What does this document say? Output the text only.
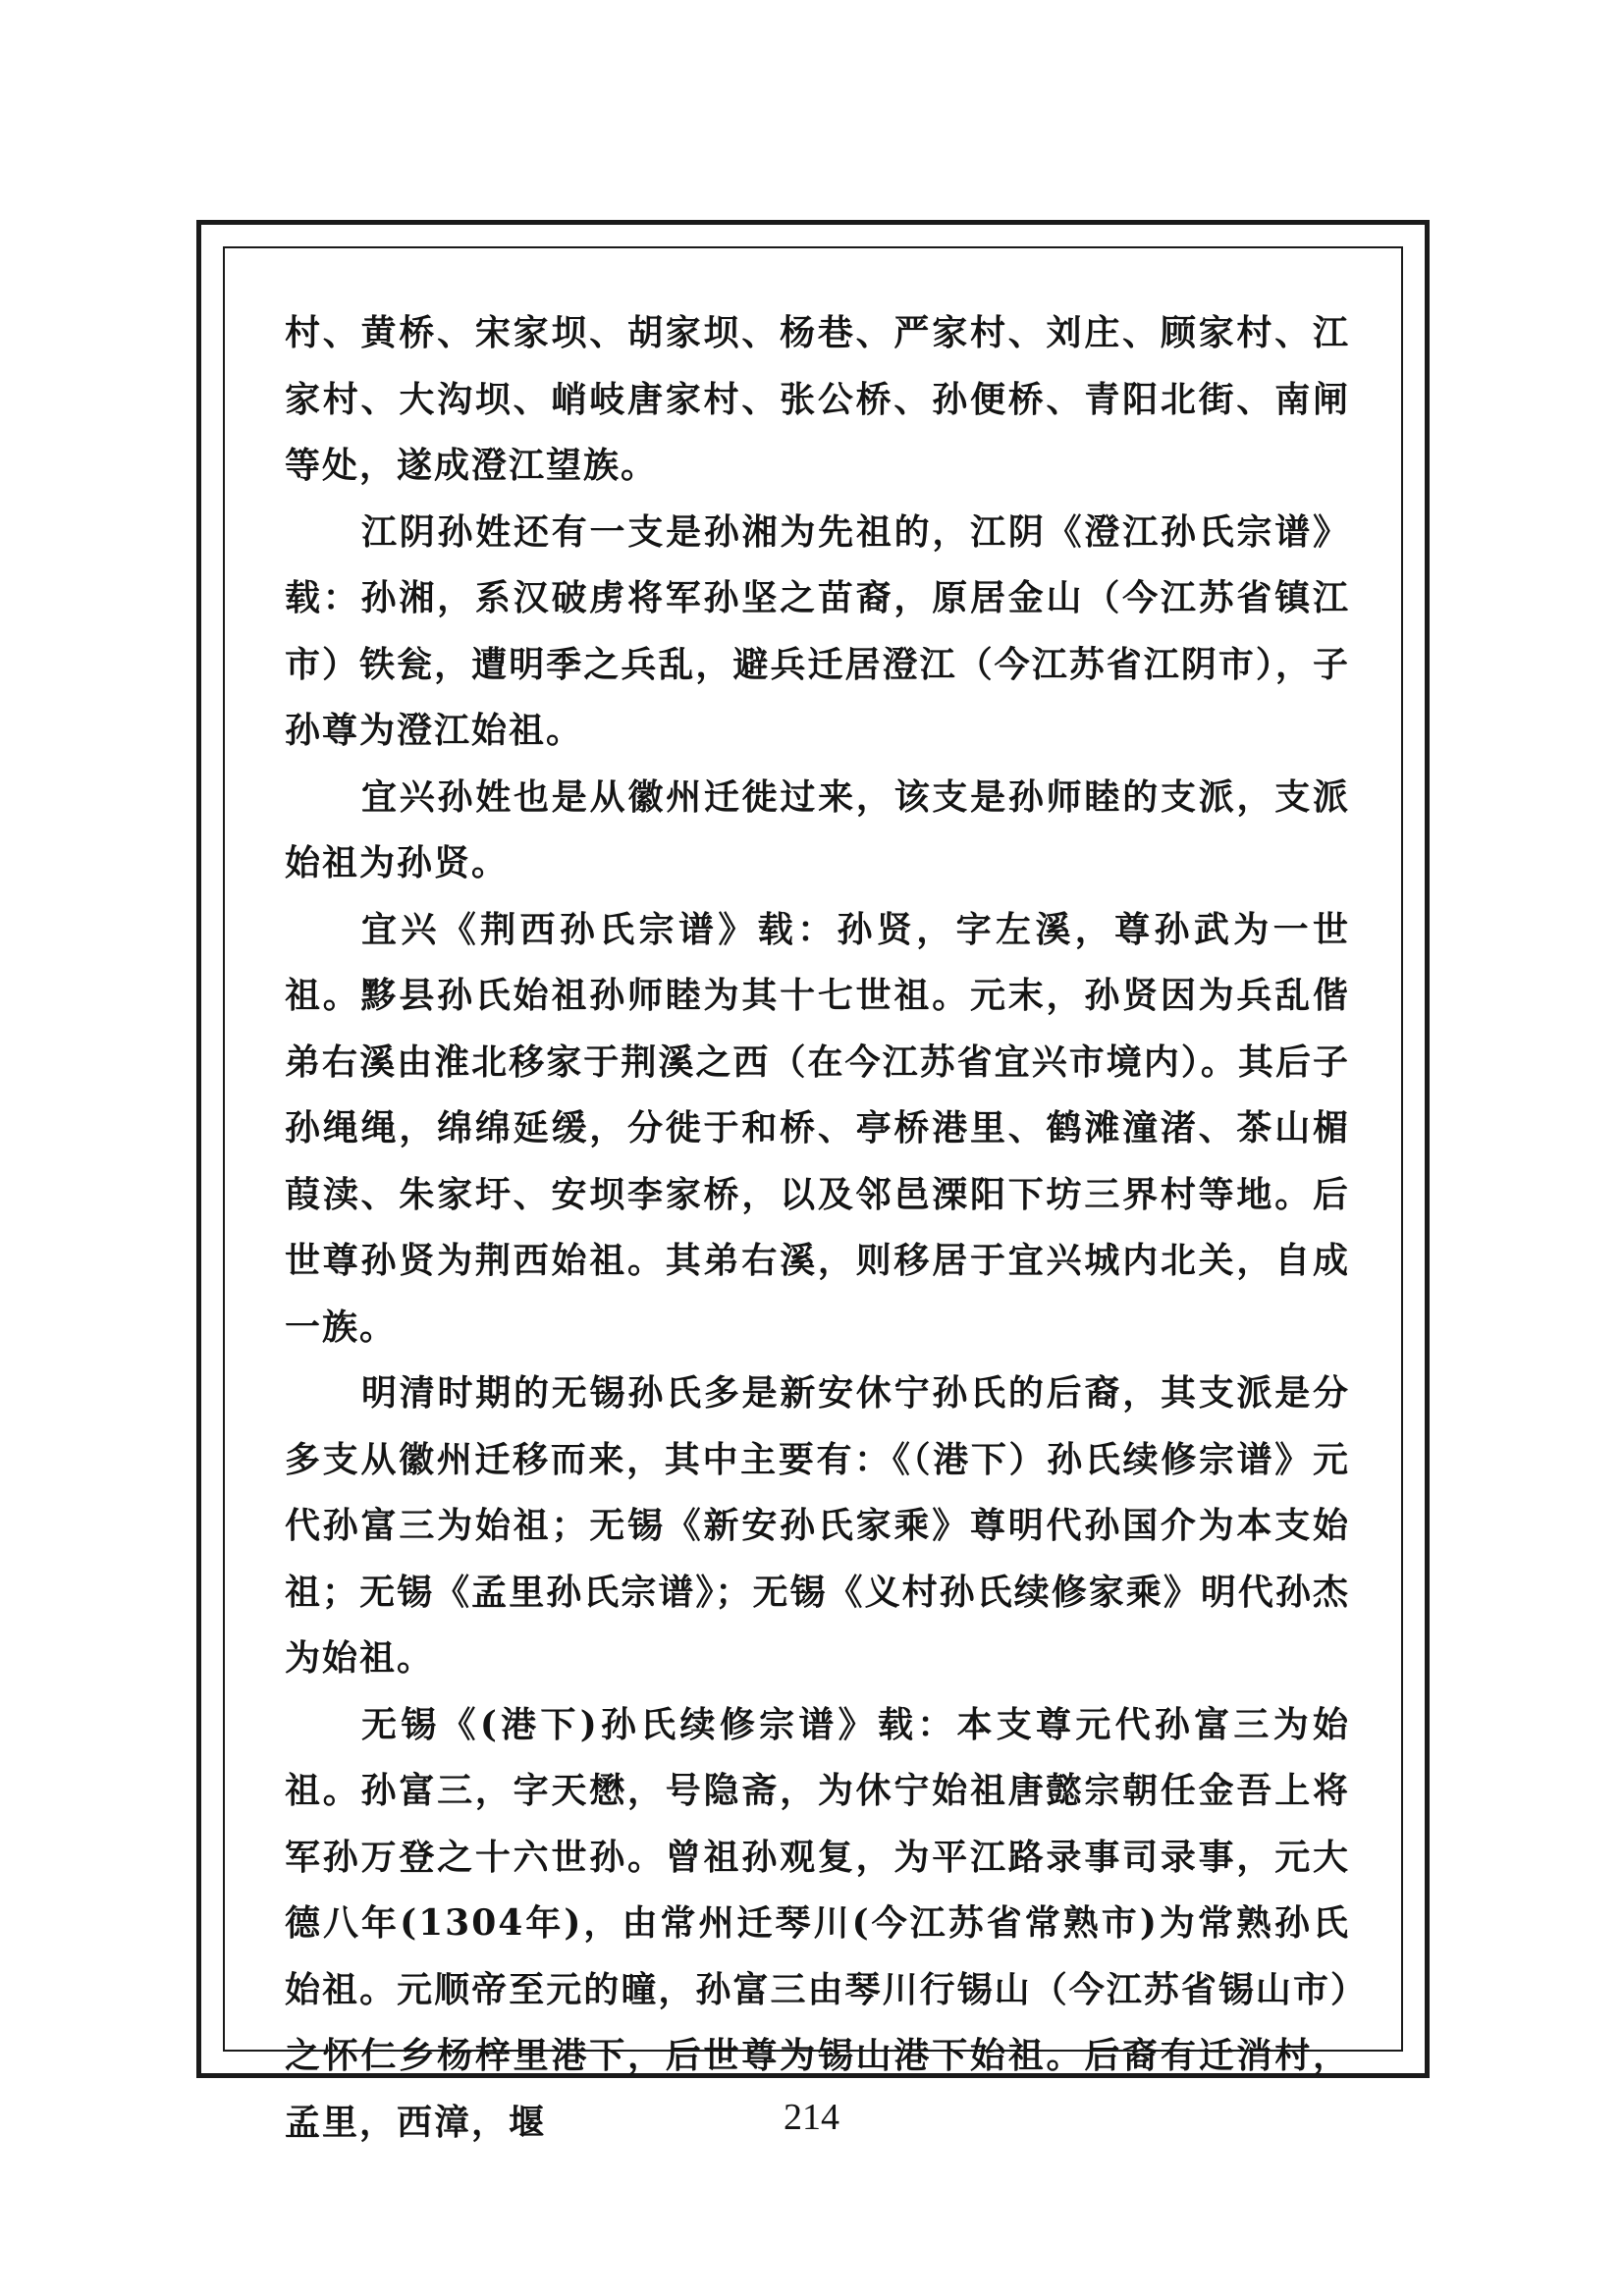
村、黄桥、宋家坝、胡家坝、杨巷、严家村、刘庄、顾家村、江家村、大沟坝、峭岐唐家村、张公桥、孙便桥、青阳北街、南闸等处，遂成澄江望族。

江阴孙姓还有一支是孙湘为先祖的，江阴《澄江孙氏宗谱》载：孙湘，系汉破虏将军孙坚之苗裔，原居金山（今江苏省镇江市）铁瓮，遭明季之兵乱，避兵迁居澄江（今江苏省江阴市），子孙尊为澄江始祖。

宜兴孙姓也是从徽州迁徙过来，该支是孙师睦的支派，支派始祖为孙贤。

宜兴《荆西孙氏宗谱》载：孙贤，字左溪，尊孙武为一世祖。黟县孙氏始祖孙师睦为其十七世祖。元末，孙贤因为兵乱偕弟右溪由淮北移家于荆溪之西（在今江苏省宜兴市境内）。其后子孙绳绳，绵绵延缓，分徙于和桥、亭桥港里、鹤滩潼渚、茶山楣葭渎、朱家圩、安坝李家桥，以及邻邑溧阳下坊三界村等地。后世尊孙贤为荆西始祖。其弟右溪，则移居于宜兴城内北关，自成一族。

明清时期的无锡孙氏多是新安休宁孙氏的后裔，其支派是分多支从徽州迁移而来，其中主要有：《（港下）孙氏续修宗谱》元代孙富三为始祖；无锡《新安孙氏家乘》尊明代孙国介为本支始祖；无锡《孟里孙氏宗谱》；无锡《义村孙氏续修家乘》明代孙杰为始祖。

无锡《(港下)孙氏续修宗谱》载：本支尊元代孙富三为始祖。孙富三，字天懋，号隐斋，为休宁始祖唐懿宗朝任金吾上将军孙万登之十六世孙。曾祖孙观复，为平江路录事司录事，元大德八年(1304年)，由常州迁琴川(今江苏省常熟市)为常熟孙氏始祖。元顺帝至元的曈，孙富三由琴川行锡山（今江苏省锡山市）之怀仁乡杨梓里港下，后世尊为锡山港下始祖。后裔有迁消村，孟里，西漳，堰	214
